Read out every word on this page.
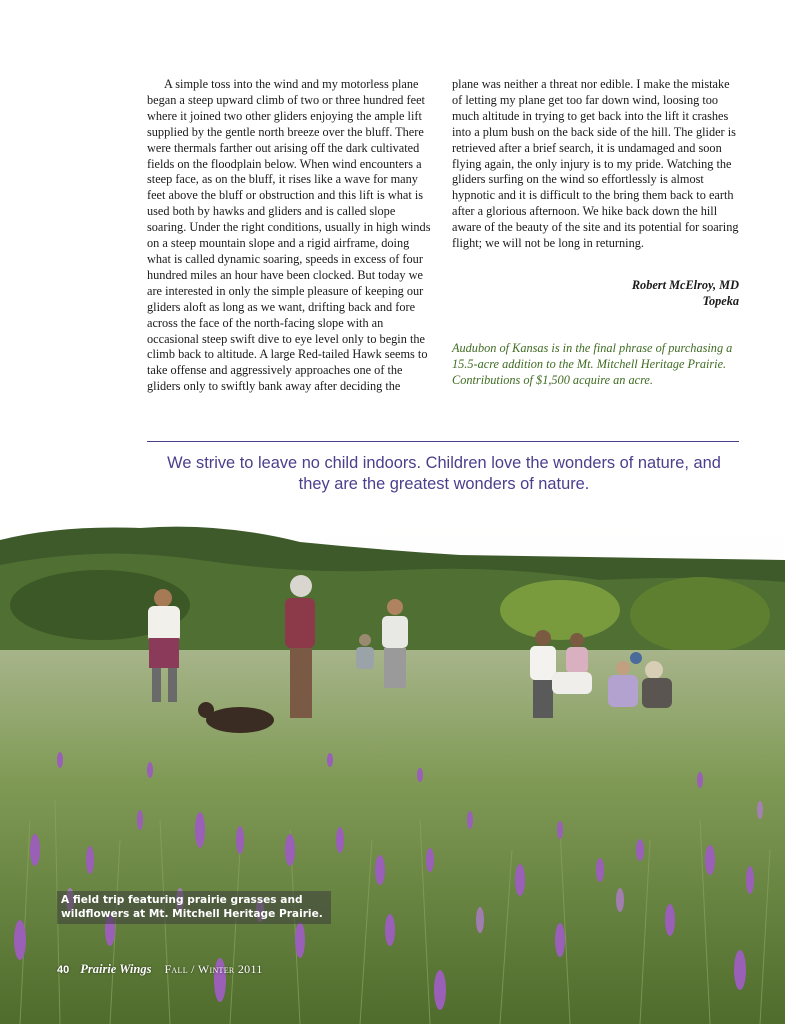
A simple toss into the wind and my motorless plane began a steep upward climb of two or three hundred feet where it joined two other gliders enjoying the ample lift supplied by the gentle north breeze over the bluff. There were thermals farther out arising off the dark cultivated fields on the floodplain below. When wind encounters a steep face, as on the bluff, it rises like a wave for many feet above the bluff or obstruction and this lift is what is used both by hawks and gliders and is called slope soaring. Under the right conditions, usually in high winds on a steep mountain slope and a rigid airframe, doing what is called dynamic soaring, speeds in excess of four hundred miles an hour have been clocked. But today we are interested in only the simple pleasure of keeping our gliders aloft as long as we want, drifting back and fore across the face of the north-facing slope with an occasional steep swift dive to eye level only to begin the climb back to altitude. A large Red-tailed Hawk seems to take offense and aggressively approaches one of the gliders only to swiftly bank away after deciding the

plane was neither a threat nor edible. I make the mistake of letting my plane get too far down wind, loosing too much altitude in trying to get back into the lift it crashes into a plum bush on the back side of the hill. The glider is retrieved after a brief search, it is undamaged and soon flying again, the only injury is to my pride. Watching the gliders surfing on the wind so effortlessly is almost hypnotic and it is difficult to the bring them back to earth after a glorious afternoon. We hike back down the hill aware of the beauty of the site and its potential for soaring flight; we will not be long in returning.

Robert McElroy, MD

Topeka

Audubon of Kansas is in the final phrase of purchasing a 15.5-acre addition to the Mt. Mitchell Heritage Prairie. Contributions of $1,500 acquire an acre.

We strive to leave no child indoors. Children love the wonders of nature, and they are the greatest wonders of nature.
A field trip featuring prairie grasses and wildflowers at Mt. Mitchell Heritage Prairie.
40 Prairie Wings Fall / Winter 2011
